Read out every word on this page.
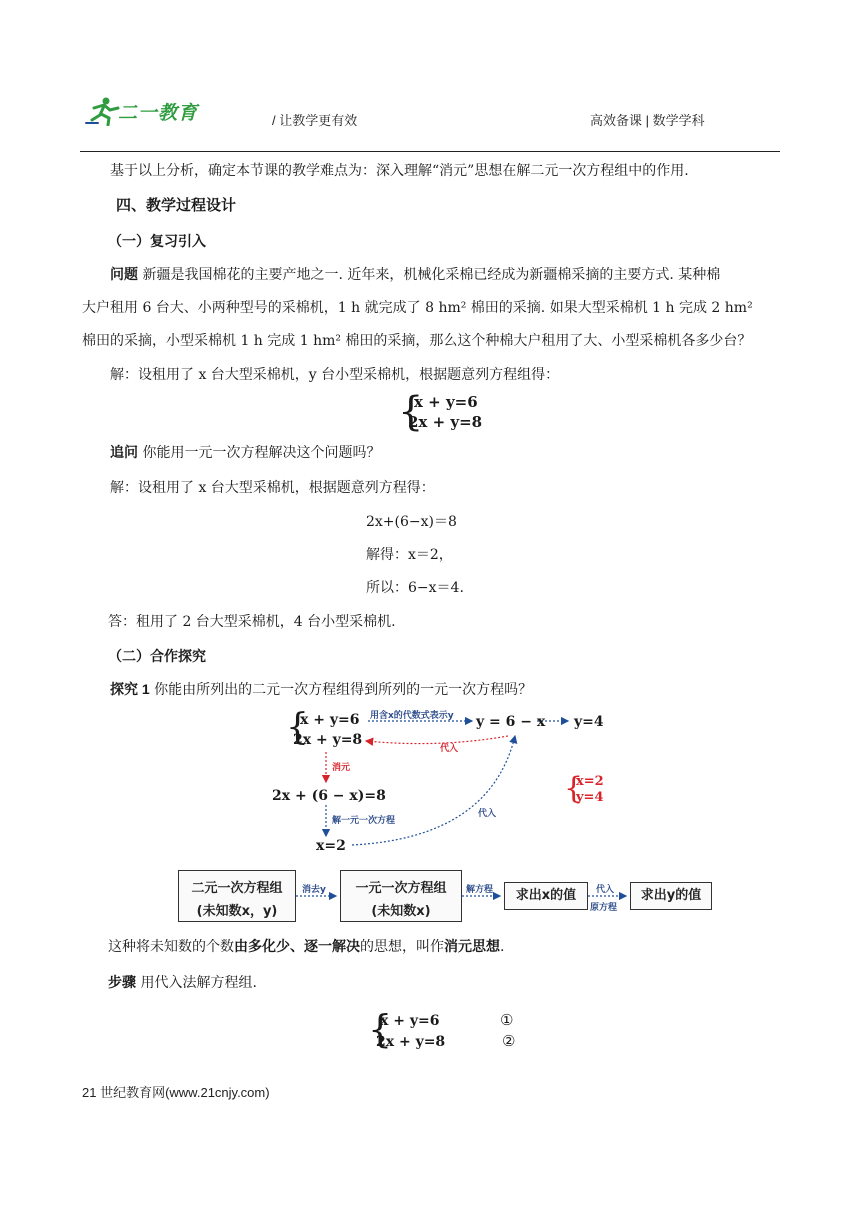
二一教育	/ 让教学更有效	高效备课 | 数学学科
基于以上分析，确定本节课的教学难点为：深入理解“消元”思想在解二元一次方程组中的作用.
四、教学过程设计
（一）复习引入
问题 新疆是我国棉花的主要产地之一. 近年来，机械化采棉已经成为新疆棉采摘的主要方式. 某种棉
大户租用 6 台大、小两种型号的采棉机，1 h 就完成了 8 hm² 棉田的采摘. 如果大型采棉机 1 h 完成 2 hm²
棉田的采摘，小型采棉机 1 h 完成 1 hm² 棉田的采摘，那么这个种棉大户租用了大、小型采棉机各多少台？
解：设租用了 x 台大型采棉机，y 台小型采棉机，根据题意列方程组得：
{
x + y=6
2x + y=8
追问 你能用一元一次方程解决这个问题吗？
解：设租用了 x 台大型采棉机，根据题意列方程得：
2x+(6−x)＝8
解得：x＝2，
所以：6−x＝4.
答：租用了 2 台大型采棉机，4 台小型采棉机.
（二）合作探究
探究 1 你能由所列出的二元一次方程组得到所列的一元一次方程吗？
{
x + y=6
2x + y=8
用含x的代数式表示y y = 6 − x y=4
代入
消元
2x + (6 − x)=8
解一元一次方程
代入
x=2
{
x=2
y=4
二元一次方程组
(未知数x，y)
消去y	一元一次方程组
(未知数x)
解方程	求出x的值	代入
原方程
求出y的值
这种将未知数的个数由多化少、逐一解决的思想，叫作消元思想.
步骤 用代入法解方程组.
{
x + y=6
2x + y=8
①
②
21 世纪教育网(www.21cnjy.com)
